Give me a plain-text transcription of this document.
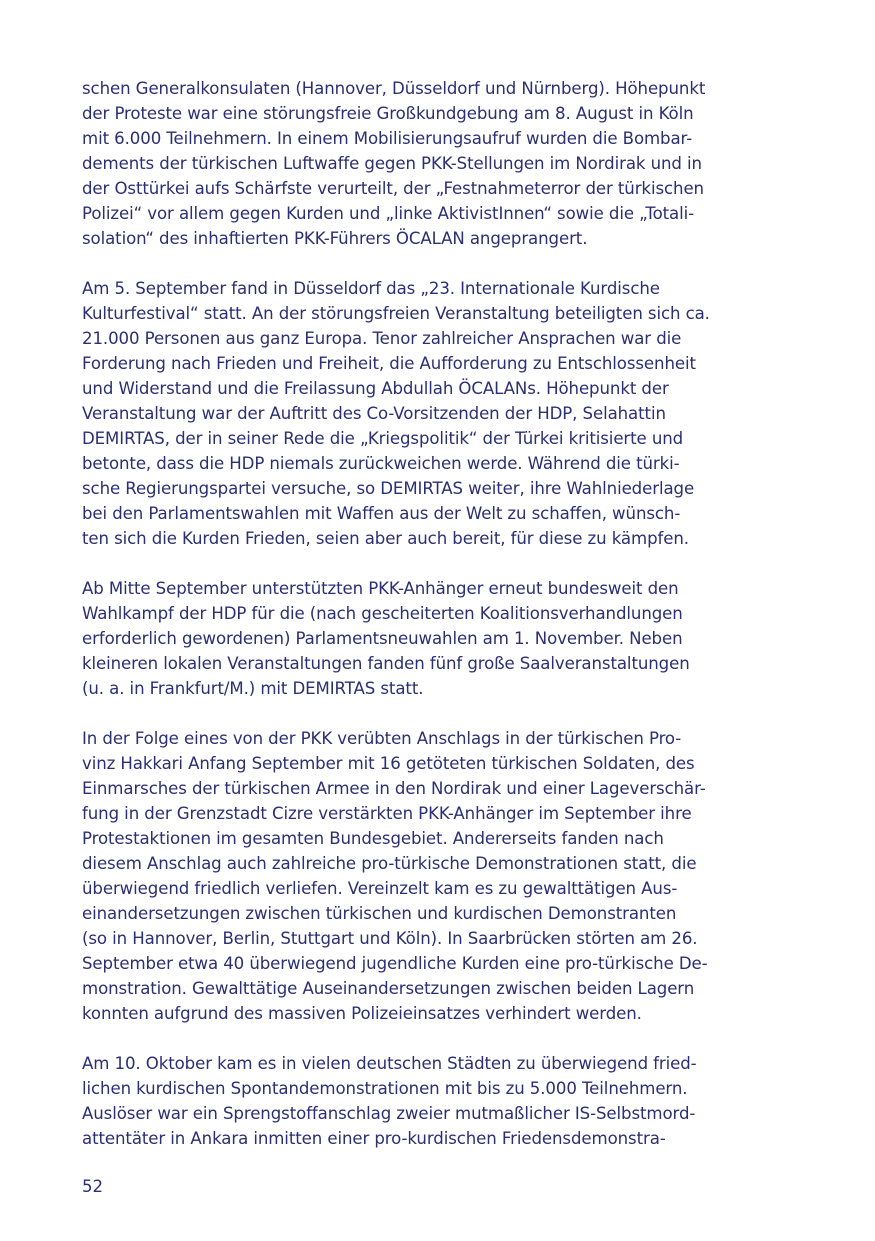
schen Generalkonsulaten (Hannover, Düsseldorf und Nürnberg). Höhepunkt
der Proteste war eine störungsfreie Großkundgebung am 8. August in Köln
mit 6.000 Teilnehmern. In einem Mobilisierungsaufruf wurden die Bombar-
dements der türkischen Luftwaffe gegen PKK-Stellungen im Nordirak und in
der Osttürkei aufs Schärfste verurteilt, der „Festnahmeterror der türkischen
Polizei“ vor allem gegen Kurden und „linke AktivistInnen“ sowie die „Totali-
solation“ des inhaftierten PKK-Führers ÖCALAN angeprangert.

Am 5. September fand in Düsseldorf das „23. Internationale Kurdische
Kulturfestival“ statt. An der störungsfreien Veranstaltung beteiligten sich ca.
21.000 Personen aus ganz Europa. Tenor zahlreicher Ansprachen war die
Forderung nach Frieden und Freiheit, die Aufforderung zu Entschlossenheit
und Widerstand und die Freilassung Abdullah ÖCALANs. Höhepunkt der
Veranstaltung war der Auftritt des Co-Vorsitzenden der HDP, Selahattin
DEMIRTAS, der in seiner Rede die „Kriegspolitik“ der Türkei kritisierte und
betonte, dass die HDP niemals zurückweichen werde. Während die türki-
sche Regierungspartei versuche, so DEMIRTAS weiter, ihre Wahlniederlage
bei den Parlamentswahlen mit Waffen aus der Welt zu schaffen, wünsch-
ten sich die Kurden Frieden, seien aber auch bereit, für diese zu kämpfen.

Ab Mitte September unterstützten PKK-Anhänger erneut bundesweit den
Wahlkampf der HDP für die (nach gescheiterten Koalitionsverhandlungen
erforderlich gewordenen) Parlamentsneuwahlen am 1. November. Neben
kleineren lokalen Veranstaltungen fanden fünf große Saalveranstaltungen
(u. a. in Frankfurt/M.) mit DEMIRTAS statt.

In der Folge eines von der PKK verübten Anschlags in der türkischen Pro-
vinz Hakkari Anfang September mit 16 getöteten türkischen Soldaten, des
Einmarsches der türkischen Armee in den Nordirak und einer Lageverschär-
fung in der Grenzstadt Cizre verstärkten PKK-Anhänger im September ihre
Protestaktionen im gesamten Bundesgebiet. Andererseits fanden nach
diesem Anschlag auch zahlreiche pro-türkische Demonstrationen statt, die
überwiegend friedlich verliefen. Vereinzelt kam es zu gewalttätigen Aus-
einandersetzungen zwischen türkischen und kurdischen Demonstranten
(so in Hannover, Berlin, Stuttgart und Köln). In Saarbrücken störten am 26.
September etwa 40 überwiegend jugendliche Kurden eine pro-türkische De-
monstration. Gewalttätige Auseinandersetzungen zwischen beiden Lagern
konnten aufgrund des massiven Polizeieinsatzes verhindert werden.

Am 10. Oktober kam es in vielen deutschen Städten zu überwiegend fried-
lichen kurdischen Spontandemonstrationen mit bis zu 5.000 Teilnehmern.
Auslöser war ein Sprengstoffanschlag zweier mutmaßlicher IS-Selbstmord-
attentäter in Ankara inmitten einer pro-kurdischen Friedensdemonstra-

52
